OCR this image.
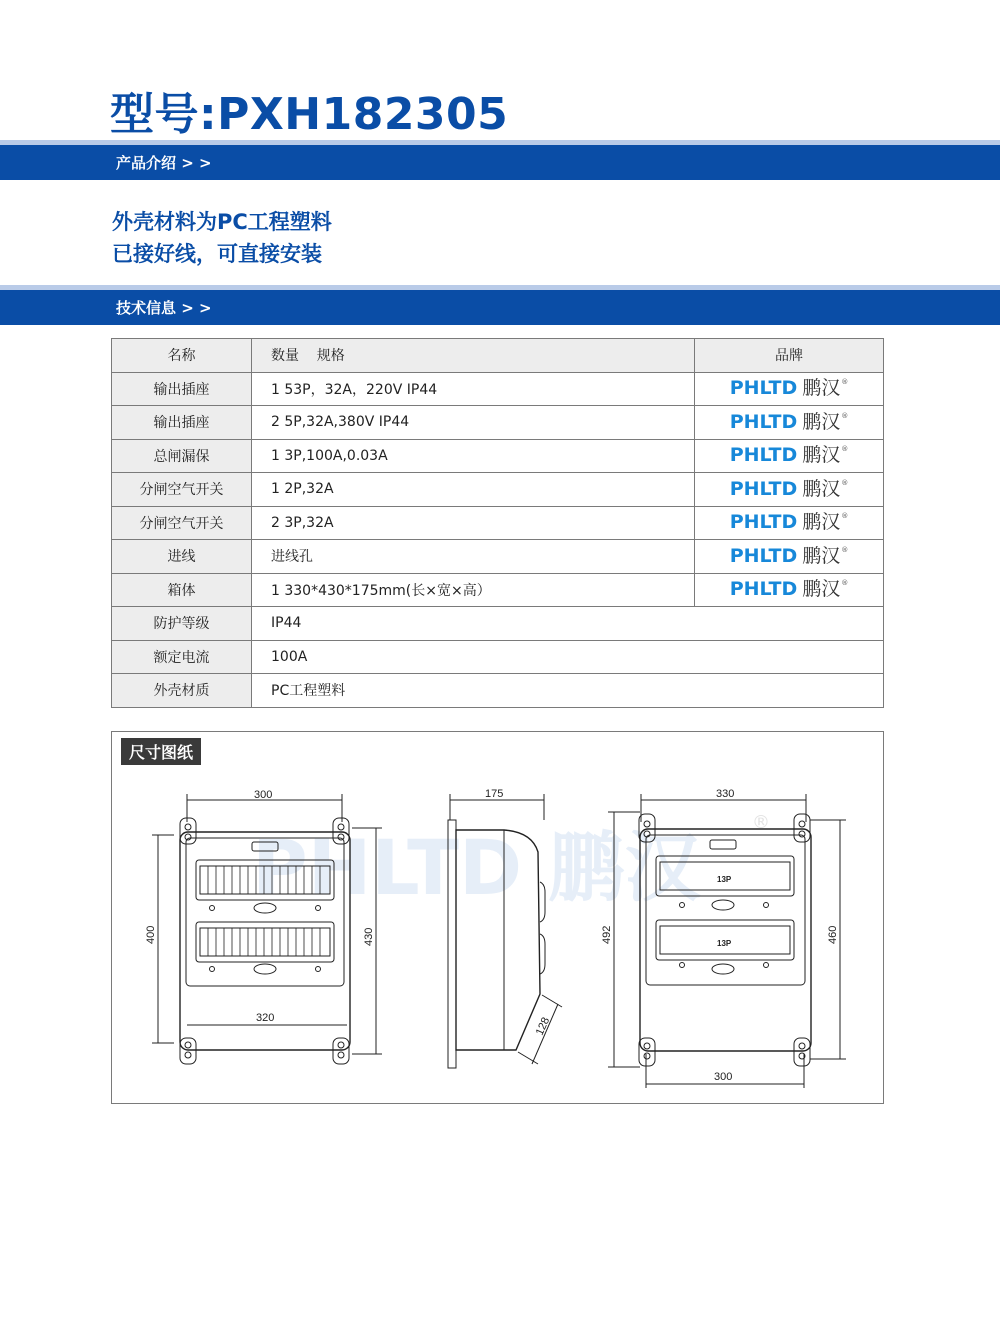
型号:PXH182305
产品介绍 > >
外壳材料为PC工程塑料
已接好线，可直接安装
技术信息 > >
名称	数量    规格	品牌
输出插座	1 53P，32A，220V IP44	PHLTD 鹏汉 ®

输出插座	2 5P,32A,380V IP44	PHLTD 鹏汉 ®

总闸漏保	1 3P,100A,0.03A	PHLTD 鹏汉 ®

分闸空气开关	1 2P,32A	PHLTD 鹏汉 ®

分闸空气开关	2 3P,32A	PHLTD 鹏汉 ®

进线	进线孔	PHLTD 鹏汉 ®

箱体	1 330*430*175mm(长×宽×高）	PHLTD 鹏汉 ®

防护等级	IP44	
额定电流	100A	
外壳材质	PC工程塑料	
PHLTD 鹏汉
®
300
400	430
320
175
128
330
492	460
300
13P
13P
尺寸图纸
